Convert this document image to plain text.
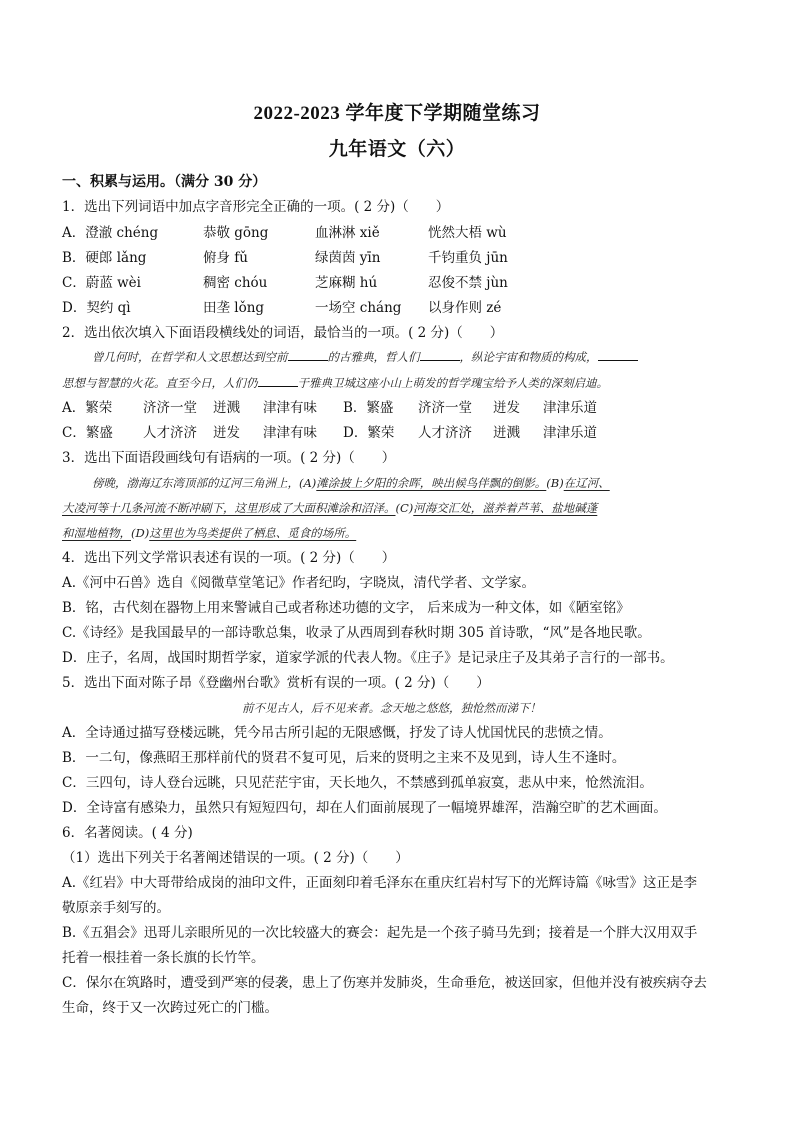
2022-2023 学年度下学期随堂练习
九年语文（六）
一、积累与运用。（满分 30 分）
1．选出下列词语中加点字音形完全正确的一项。( 2 分)（　　）
A．澄澈 chéng	恭敬 gōng	血淋淋 xiě	恍然大梧 wù
B．硬郎 lǎng	俯身 fǔ	绿茵茵 yīn	千钧重负 jūn
C．蔚蓝 wèi	稠密 chóu	芝麻糊 hú	忍俊不禁 jùn
D．契约 qì	田垄 lǒng	一场空 cháng 以身作则 zé
2．选出依次填入下面语段横线处的词语，最恰当的一项。( 2 分)（　　）
曾几何时，在哲学和人文思想达到空前	的古雅典，哲人们	，纵论宇宙和物质的构成，
思想与智慧的火花。直至今日，人们仍	于雅典卫城这座小山上萌发的哲学瑰宝给予人类的深刻启迪。
A．繁荣 济济一堂 迸溅 津津有味 B．繁盛 济济一堂 迸发 津津乐道
C．繁盛 人才济济 迸发 津津有味 D．繁荣 人才济济 迸溅 津津乐道
3．选出下面语段画线句有语病的一项。( 2 分)（　　）
傍晚，渤海辽东湾顶部的辽河三角洲上，(A)滩涂披上夕阳的余晖，映出候鸟伴飘的倒影。(B)在辽河、
大凌河等十几条河流不断冲刷下，这里形成了大面积滩涂和沼泽。(C)河海交汇处，滋养着芦苇、盐地碱蓬
和湿地植物，(D)这里也为鸟类提供了栖息、觅食的场所。
4．选出下列文学常识表述有误的一项。( 2 分)（　　）
A.《河中石兽》选自《阅微草堂笔记》作者纪昀，字晓岚，清代学者、文学家。
B．铭，古代刻在器物上用来警诫自己或者称述功德的文字， 后来成为一种文体，如《陋室铭》
C.《诗经》是我国最早的一部诗歌总集，收录了从西周到春秋时期 305 首诗歌，“风”是各地民歌。
D．庄子，名周，战国时期哲学家，道家学派的代表人物。《庄子》是记录庄子及其弟子言行的一部书。
5．选出下面对陈子昂《登幽州台歌》赏析有误的一项。( 2 分)（　　）
前不见古人，后不见来者。念天地之悠悠，独怆然而涕下！
A．全诗通过描写登楼远眺，凭今吊古所引起的无限感慨，抒发了诗人忧国忧民的悲愤之情。
B．一二句，像燕昭王那样前代的贤君不复可见，后来的贤明之主来不及见到，诗人生不逢时。
C．三四句，诗人登台远眺，只见茫茫宇宙，天长地久，不禁感到孤单寂寞，悲从中来，怆然流泪。
D．全诗富有感染力，虽然只有短短四句，却在人们面前展现了一幅境界雄浑，浩瀚空旷的艺术画面。
6．名著阅读。( 4 分)
（1）选出下列关于名著阐述错误的一项。( 2 分)（　　）
A.《红岩》中大哥带给成岗的油印文件，正面刻印着毛泽东在重庆红岩村写下的光辉诗篇《咏雪》这正是李
敬原亲手刻写的。
B.《五猖会》迅哥儿亲眼所见的一次比较盛大的赛会：起先是一个孩子骑马先到；接着是一个胖大汉用双手
托着一根挂着一条长旗的长竹竿。
C．保尔在筑路时，遭受到严寒的侵袭，患上了伤寒并发肺炎，生命垂危，被送回家，但他并没有被疾病夺去
生命，终于又一次跨过死亡的门槛。
